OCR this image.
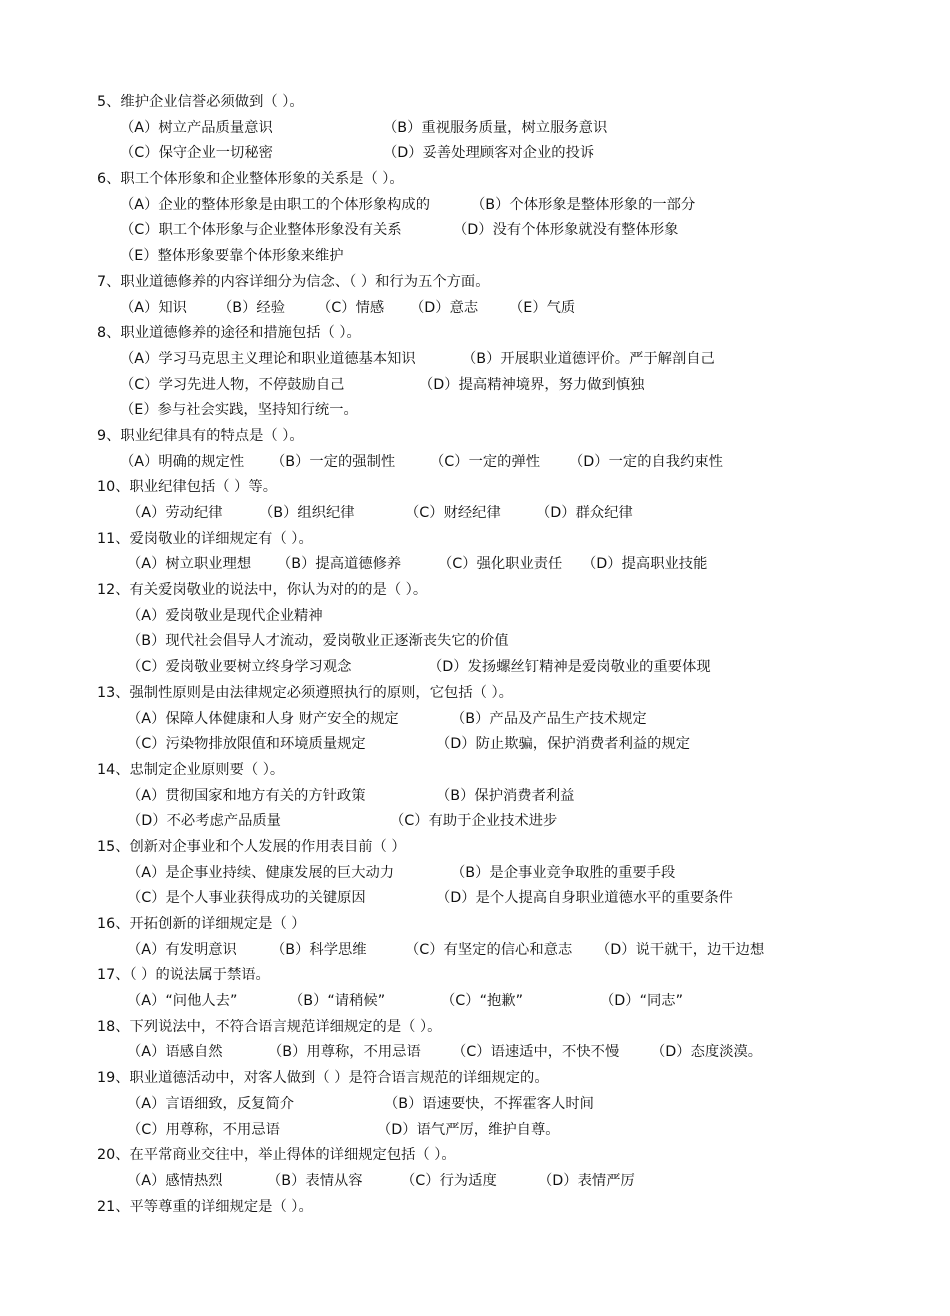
5、维护企业信誉必须做到（ ）。
（A）树立产品质量意识	（B）重视服务质量，树立服务意识
（C）保守企业一切秘密	（D）妥善处理顾客对企业的投诉
6、职工个体形象和企业整体形象的关系是（ ）。
（A）企业的整体形象是由职工的个体形象构成的	（B）个体形象是整体形象的一部分
（C）职工个体形象与企业整体形象没有关系	（D）没有个体形象就没有整体形象
（E）整体形象要靠个体形象来维护
7、职业道德修养的内容详细分为信念、（ ）和行为五个方面。
（A）知识 （B）经验 （C）情感 （D）意志 （E）气质
8、职业道德修养的途径和措施包括（ ）。
（A）学习马克思主义理论和职业道德基本知识	（B）开展职业道德评价。严于解剖自己
（C）学习先进人物，不停鼓励自己	（D）提高精神境界，努力做到慎独
（E）参与社会实践，坚持知行统一。
9、职业纪律具有的特点是（ ）。
（A）明确的规定性 （B）一定的强制性 （C）一定的弹性 （D）一定的自我约束性
10、职业纪律包括（ ）等。
（A）劳动纪律	（B）组织纪律	（C）财经纪律 （D）群众纪律
11、爱岗敬业的详细规定有（ ）。
（A）树立职业理想 （B）提高道德修养	（C）强化职业责任 （D）提高职业技能
12、有关爱岗敬业的说法中，你认为对的的是（ ）。
（A）爱岗敬业是现代企业精神
（B）现代社会倡导人才流动，爱岗敬业正逐渐丧失它的价值
（C）爱岗敬业要树立终身学习观念	（D）发扬螺丝钉精神是爱岗敬业的重要体现
13、强制性原则是由法律规定必须遵照执行的原则，它包括（ ）。
（A）保障人体健康和人身 财产安全的规定	（B）产品及产品生产技术规定
（C）污染物排放限值和环境质量规定	（D）防止欺骗，保护消费者利益的规定
14、忠制定企业原则要（ ）。
（A）贯彻国家和地方有关的方针政策	（B）保护消费者利益
（D）不必考虑产品质量	（C）有助于企业技术进步
15、创新对企事业和个人发展的作用表目前（ ）
（A）是企事业持续、健康发展的巨大动力	（B）是企事业竞争取胜的重要手段
（C）是个人事业获得成功的关键原因	（D）是个人提高自身职业道德水平的重要条件
16、开拓创新的详细规定是（ ）
（A）有发明意识 （B）科学思维	（C）有坚定的信心和意志 （D）说干就干，边干边想
17、（ ）的说法属于禁语。
（A）“问他人去”	（B）“请稍候”	（C）“抱歉”	（D）“同志”
18、下列说法中，不符合语言规范详细规定的是（ ）。
（A）语感自然	（B）用尊称，不用忌语 （C）语速适中，不快不慢 （D）态度淡漠。
19、职业道德活动中，对客人做到（ ）是符合语言规范的详细规定的。
（A）言语细致，反复简介	（B）语速要快，不挥霍客人时间
（C）用尊称，不用忌语	（D）语气严厉，维护自尊。
20、在平常商业交往中，举止得体的详细规定包括（ ）。
（A）感情热烈	（B）表情从容	（C）行为适度	（D）表情严厉
21、平等尊重的详细规定是（ ）。
